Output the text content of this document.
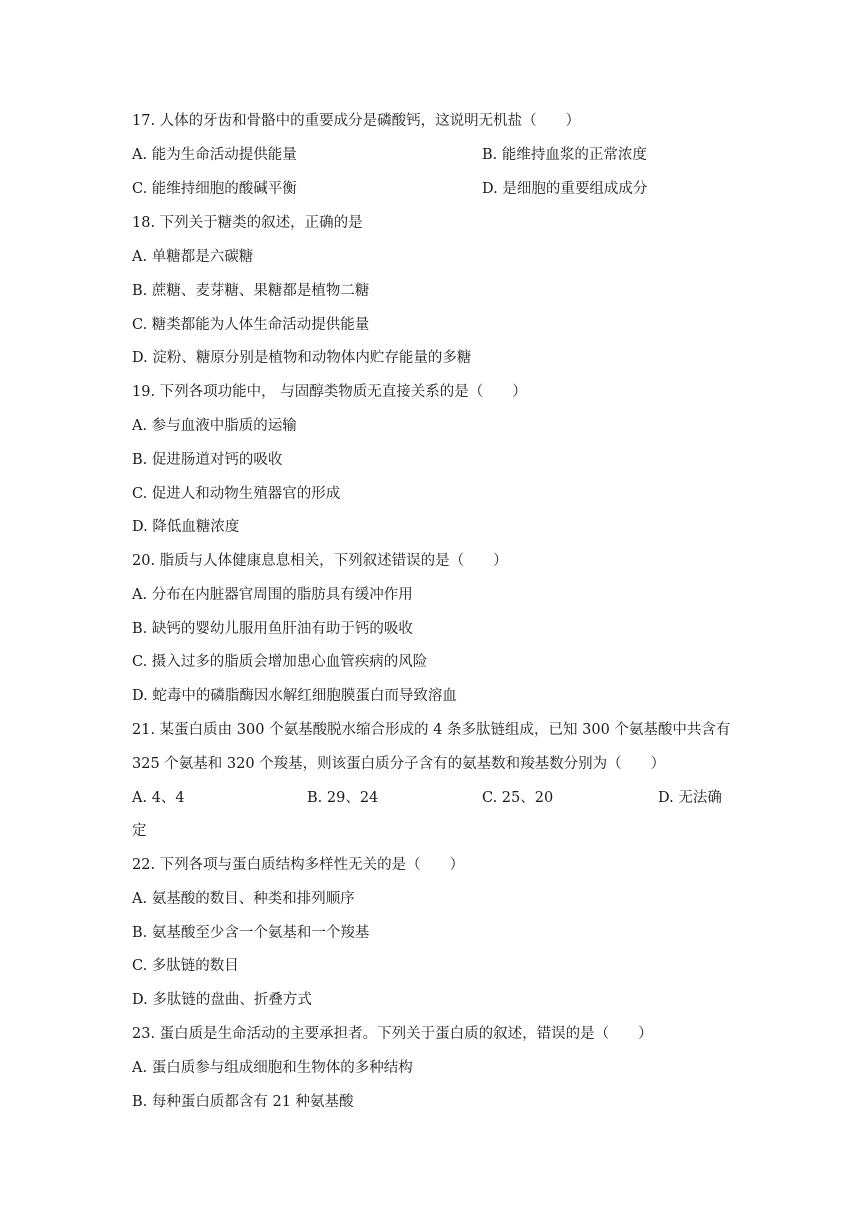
17. 人体的牙齿和骨骼中的重要成分是磷酸钙，这说明无机盐（　　）
A. 能为生命活动提供能量	B. 能维持血浆的正常浓度
C. 能维持细胞的酸碱平衡	D. 是细胞的重要组成成分
18. 下列关于糖类的叙述，正确的是
A. 单糖都是六碳糖
B. 蔗糖、麦芽糖、果糖都是植物二糖
C. 糖类都能为人体生命活动提供能量
D. 淀粉、糖原分别是植物和动物体内贮存能量的多糖
19. 下列各项功能中， 与固醇类物质无直接关系的是（　　）
A. 参与血液中脂质的运输
B. 促进肠道对钙的吸收
C. 促进人和动物生殖器官的形成
D. 降低血糖浓度
20. 脂质与人体健康息息相关，下列叙述错误的是（　　）
A. 分布在内脏器官周围的脂肪具有缓冲作用
B. 缺钙的婴幼儿服用鱼肝油有助于钙的吸收
C. 摄入过多的脂质会增加患心血管疾病的风险
D. 蛇毒中的磷脂酶因水解红细胞膜蛋白而导致溶血
21. 某蛋白质由 300 个氨基酸脱水缩合形成的 4 条多肽链组成，已知 300 个氨基酸中共含有
325 个氨基和 320 个羧基，则该蛋白质分子含有的氨基数和羧基数分别为（　　）
A. 4、4	B. 29、24	C. 25、20	D. 无法确
定
22. 下列各项与蛋白质结构多样性无关的是（　　）
A. 氨基酸的数目、种类和排列顺序
B. 氨基酸至少含一个氨基和一个羧基
C. 多肽链的数目
D. 多肽链的盘曲、折叠方式
23. 蛋白质是生命活动的主要承担者。下列关于蛋白质的叙述，错误的是（　　）
A. 蛋白质参与组成细胞和生物体的多种结构
B. 每种蛋白质都含有 21 种氨基酸
